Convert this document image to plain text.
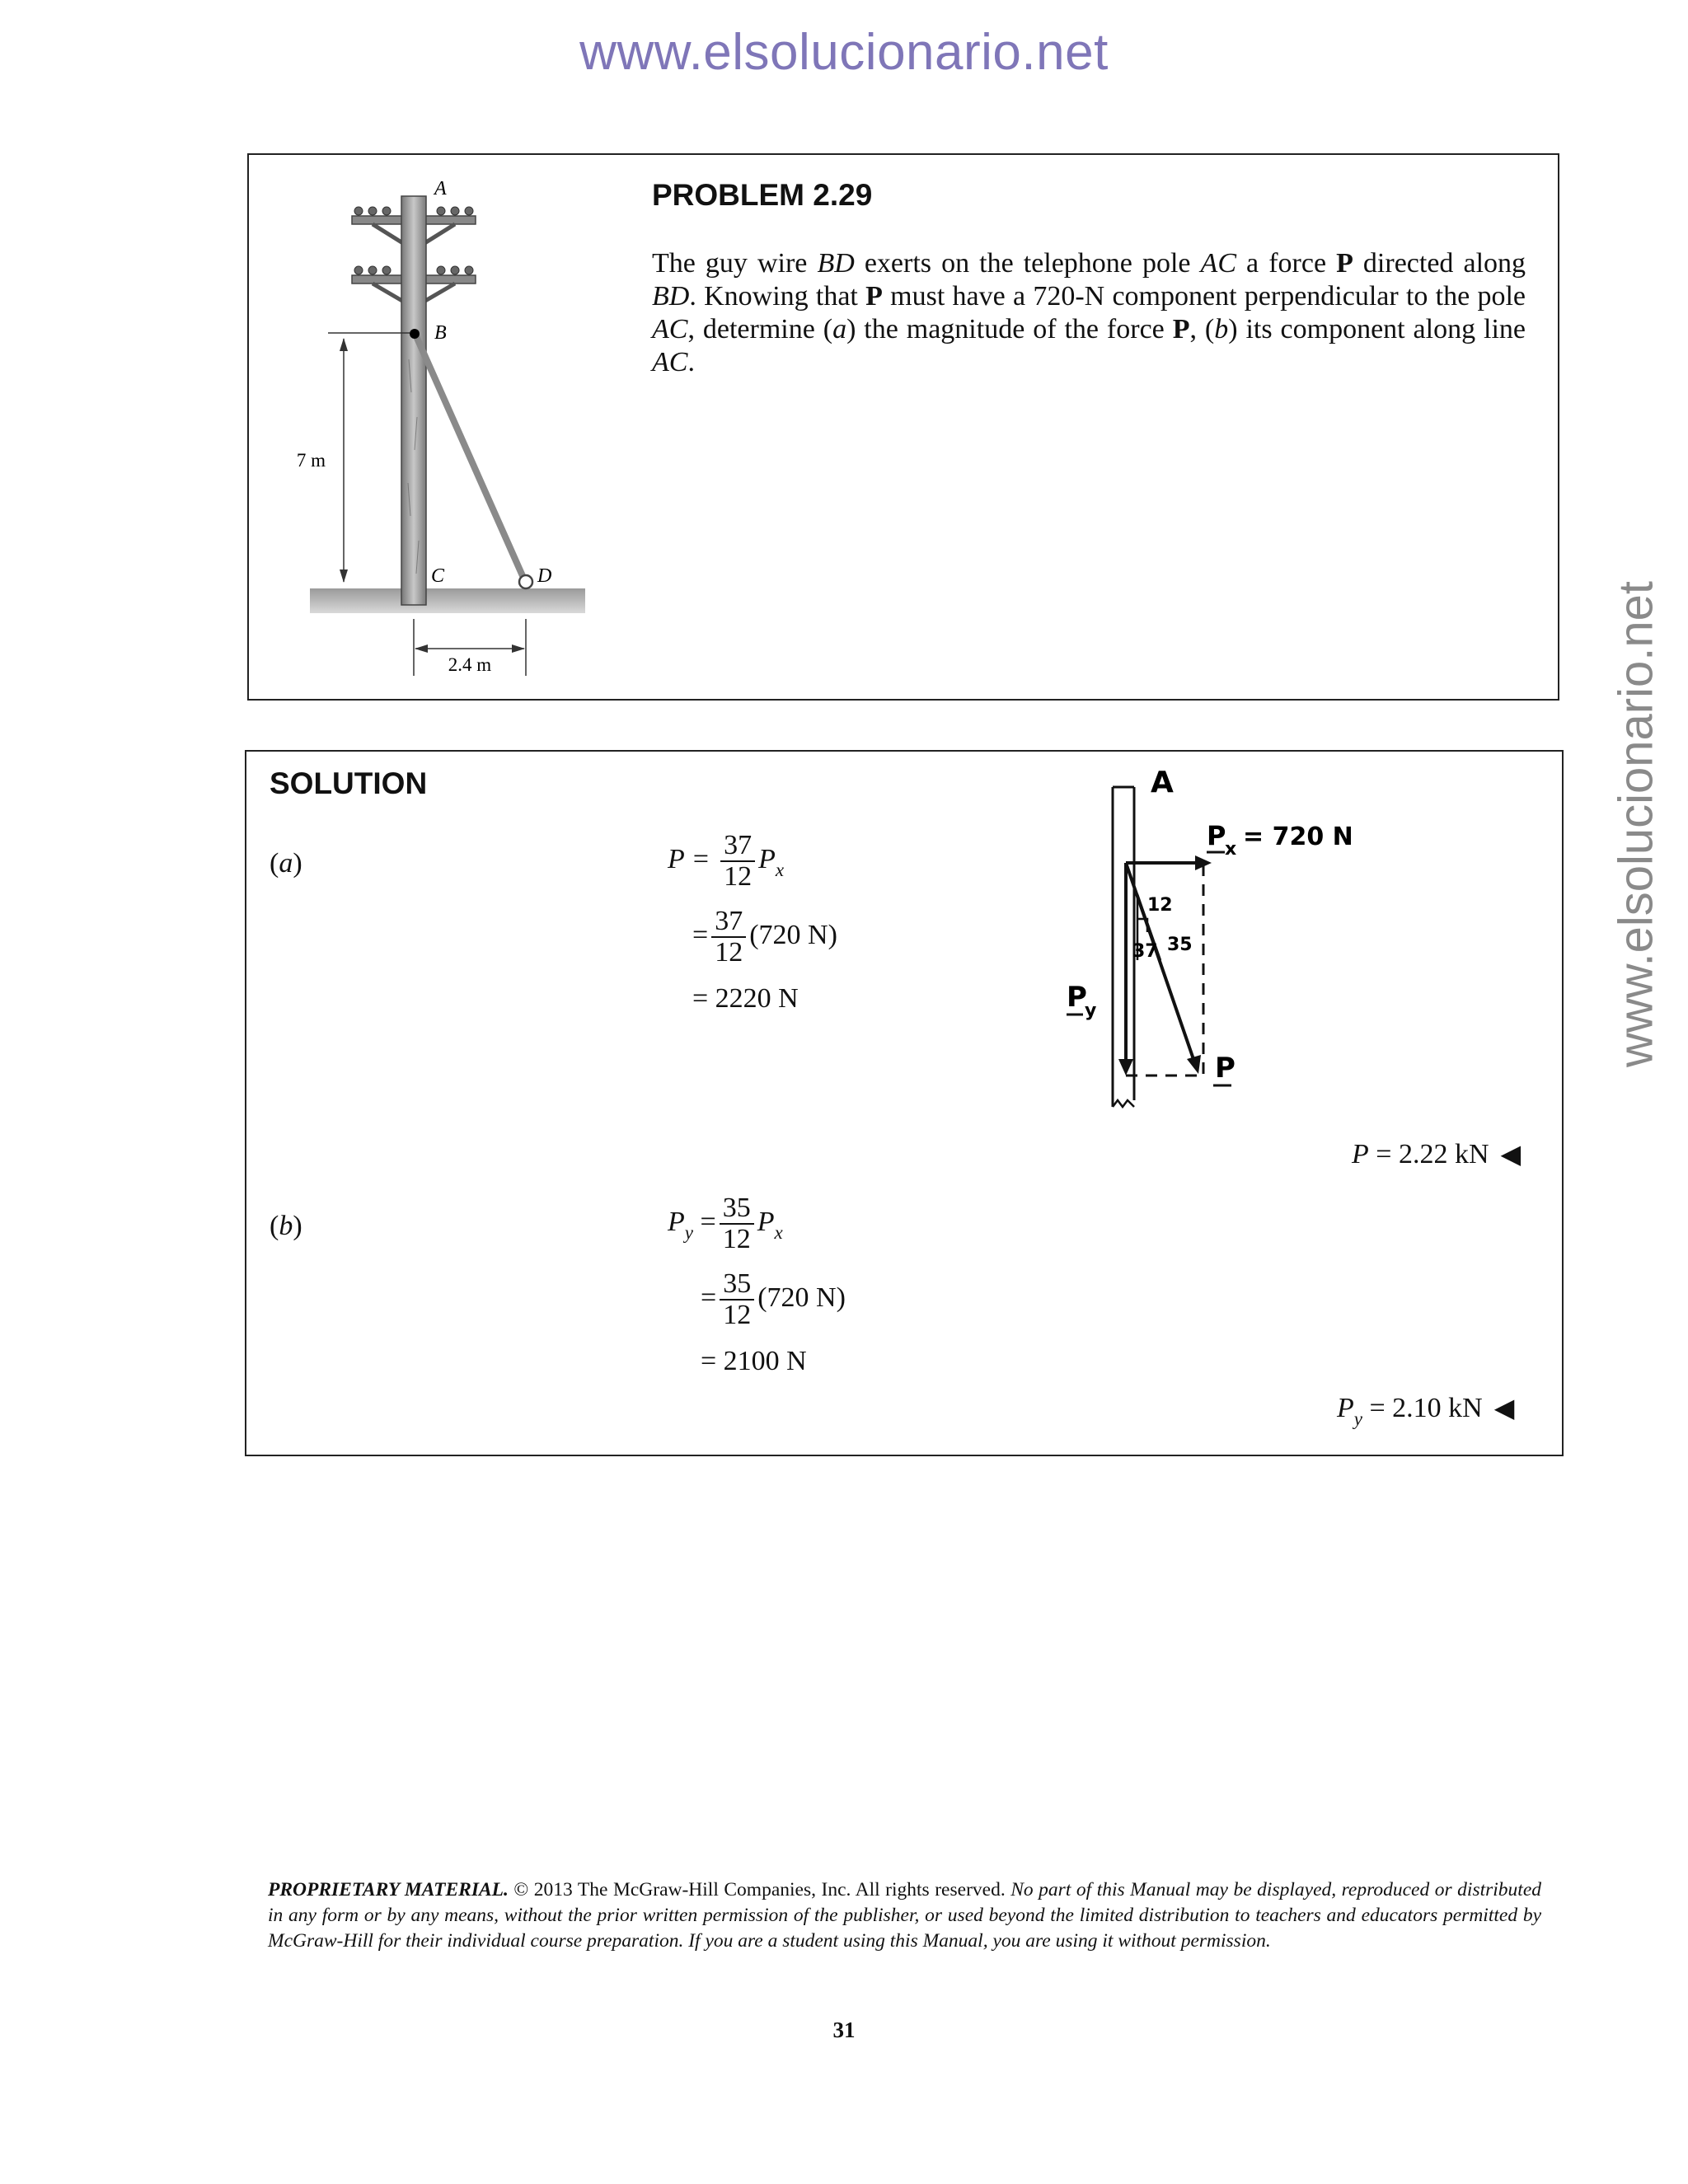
www.elsolucionario.net
www.elsolucionario.net
A
B
C	D
7 m
2.4 m
PROBLEM 2.29
The guy wire BD exerts on the telephone pole AC a force P directed along BD. Knowing that P must have a 720-N component perpendicular to the pole AC, determine (a) the magnitude of the force P, (b) its component along line AC.
SOLUTION
(a)	$P = \frac{37}{12} P_x$
= $\frac{37}{12} (720$ N)
= 2220 N
P = 2.22 kN ◀
(b)	$P_y = \frac{35}{12} P_x$
= $\frac{35}{12} (720$ N)
= 2100 N
$P_y = 2.10$ kN ◀
A
P
x = 720 N
12
35
37
P
y
P
PROPRIETARY MATERIAL. © 2013 The McGraw-Hill Companies, Inc. All rights reserved. No part of this Manual may be displayed, reproduced or distributed in any form or by any means, without the prior written permission of the publisher, or used beyond the limited distribution to teachers and educators permitted by McGraw-Hill for their individual course preparation. If you are a student using this Manual, you are using it without permission.
31
